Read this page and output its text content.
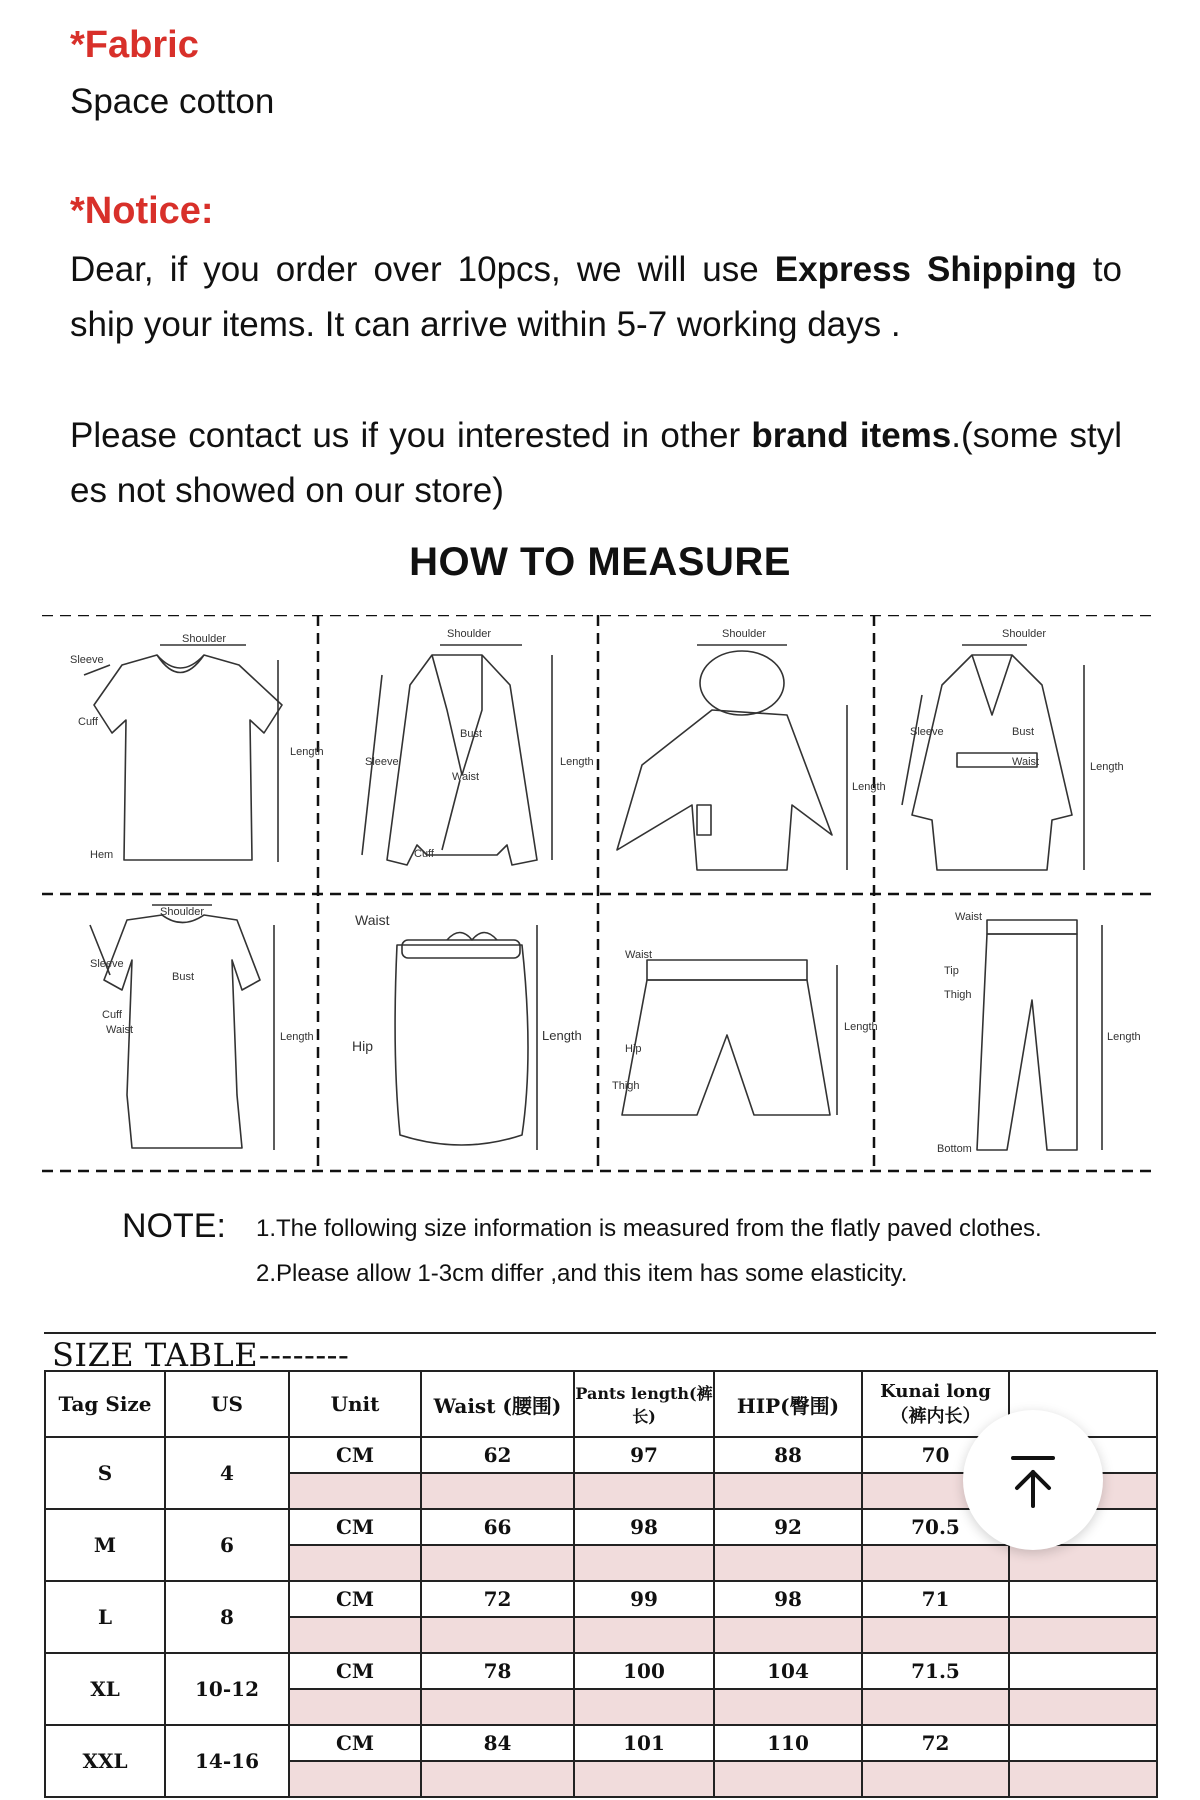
*Fabric
Space cotton
*Notice:
Dear, if you order over 10pcs, we will use Express Shipping to
ship your items. It can arrive within 5-7 working days .
Please contact us if you interested in other brand items.(some styl
es not showed on our store)
HOW TO MEASURE
Shoulder
Sleeve
Cuff
Length
Hem
Shoulder
Bust
Waist
Cuff
Length
Sleeve
Shoulder
Length
Shoulder
Bust
Waist	Length
Sleeve
Shoulder
Sleeve
Bust
Cuff
Waist
Length
Waist
Hip
Length
Waist
Hip
Thigh
Length
Waist
Tip
Thigh
Length
Bottom
NOTE: 1.The following size information is measured from the flatly paved clothes.
2.Please allow 1-3cm differ ,and this item has some elasticity.
SIZE TABLE--------
Tag Size	US	Unit	Waist (腰围)	Pants length(裤长)	HIP(臀围)	Kunai long（裤内长）	
S	4	CM	62	97	88	70	

M	6	CM	66	98	92	70.5	

L	8	CM	72	99	98	71	

XL	10-12	CM	78	100	104	71.5	

XXL	14-16	CM	84	101	110	72	
